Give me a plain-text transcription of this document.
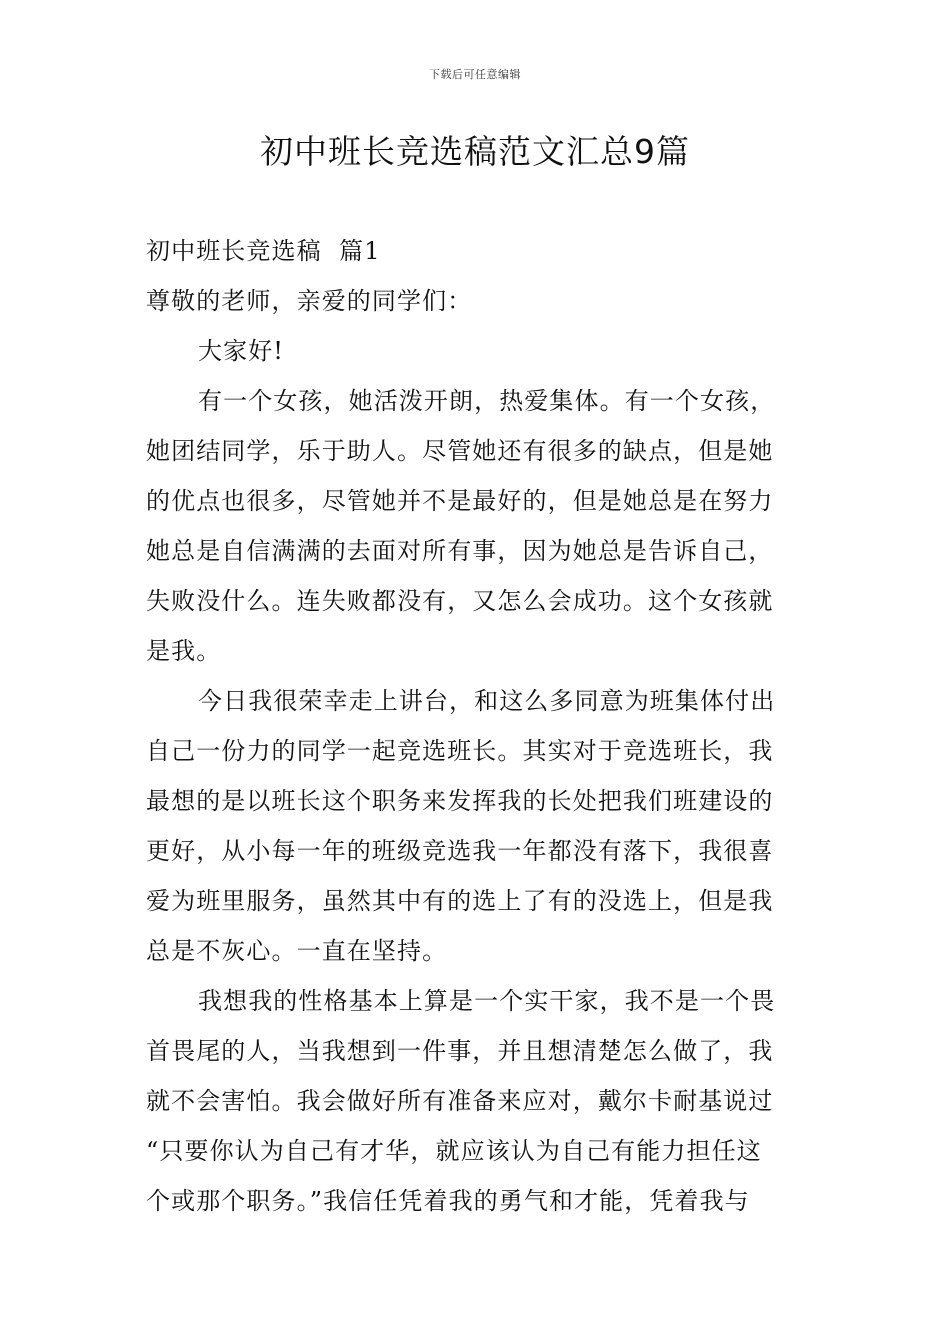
下载后可任意编辑
初中班长竞选稿范文汇总9篇
初中班长竞选稿  篇1
尊敬的老师，亲爱的同学们：
大家好!
有一个女孩，她活泼开朗，热爱集体。有一个女孩，
她团结同学，乐于助人。尽管她还有很多的缺点，但是她
的优点也很多，尽管她并不是最好的，但是她总是在努力
她总是自信满满的去面对所有事，因为她总是告诉自己，
失败没什么。连失败都没有，又怎么会成功。这个女孩就
是我。
今日我很荣幸走上讲台，和这么多同意为班集体付出
自己一份力的同学一起竞选班长。其实对于竞选班长，我
最想的是以班长这个职务来发挥我的长处把我们班建设的
更好，从小每一年的班级竞选我一年都没有落下，我很喜
爱为班里服务，虽然其中有的选上了有的没选上，但是我
总是不灰心。一直在坚持。
我想我的性格基本上算是一个实干家，我不是一个畏
首畏尾的人，当我想到一件事，并且想清楚怎么做了，我
就不会害怕。我会做好所有准备来应对，戴尔卡耐基说过
“只要你认为自己有才华，就应该认为自己有能力担任这
个或那个职务。”我信任凭着我的勇气和才能，凭着我与
